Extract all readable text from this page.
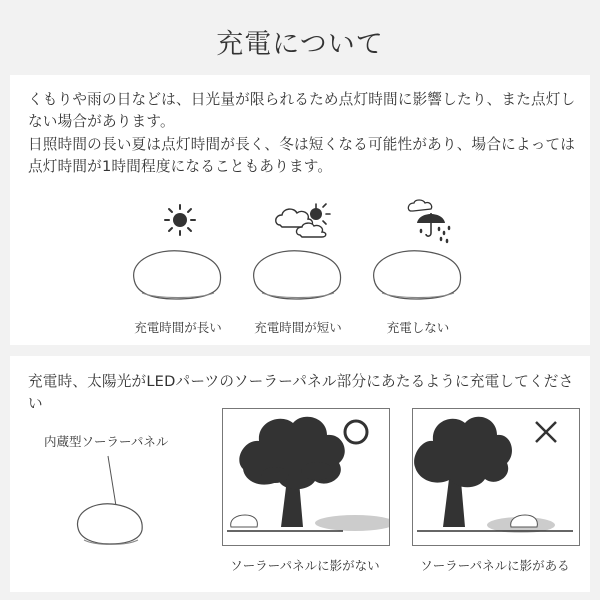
充電について
くもりや雨の日などは、日光量が限られるため点灯時間に影響したり、また点灯しない場合があります。
日照時間の長い夏は点灯時間が長く、冬は短くなる可能性があり、場合によっては点灯時間が1時間程度になることもあります。
充電時間が長い	充電時間が短い	充電しない
充電時、太陽光がLEDパーツのソーラーパネル部分にあたるように充電してください
内蔵型ソーラーパネル
ソーラーパネルに影がない	ソーラーパネルに影がある
